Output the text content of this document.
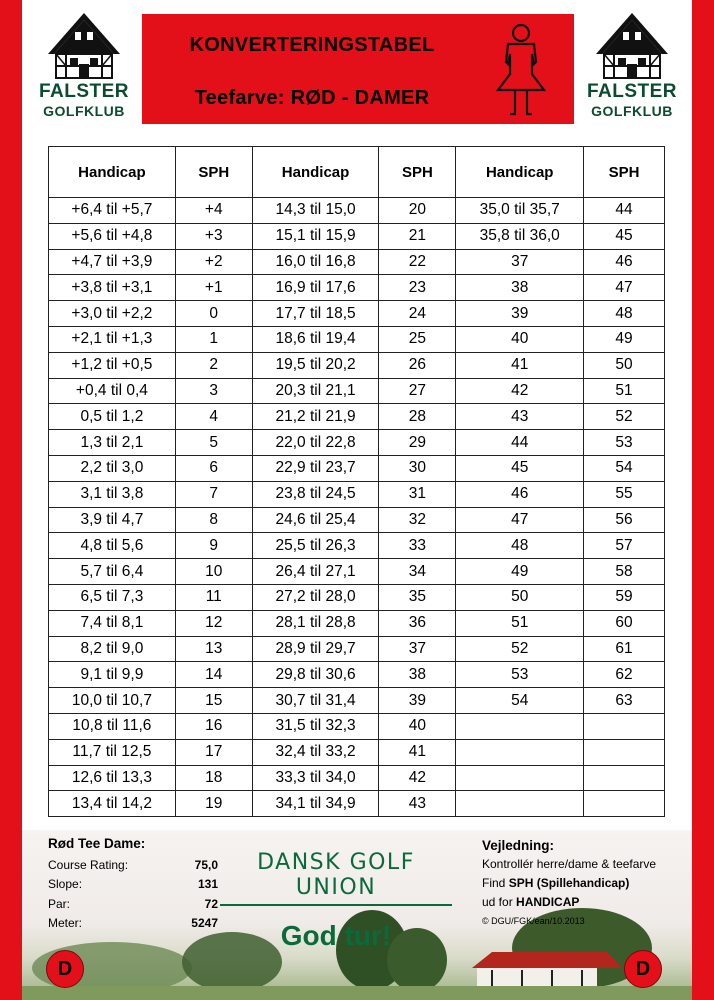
FALSTER
GOLFKLUB
KONVERTERINGSTABEL
Teefarve: RØD - DAMER	FALSTER
GOLFKLUB
Handicap	SPH	Handicap	SPH	Handicap	SPH
+6,4 til +5,7	+4	14,3 til 15,0	20	35,0 til 35,7	44
+5,6 til +4,8	+3	15,1 til 15,9	21	35,8 til 36,0	45
+4,7 til +3,9	+2	16,0 til 16,8	22	37	46
+3,8 til +3,1	+1	16,9 til 17,6	23	38	47
+3,0 til +2,2	0	17,7 til 18,5	24	39	48
+2,1 til +1,3	1	18,6 til 19,4	25	40	49
+1,2 til +0,5	2	19,5 til 20,2	26	41	50
+0,4 til 0,4	3	20,3 til 21,1	27	42	51
0,5 til 1,2	4	21,2 til 21,9	28	43	52
1,3 til 2,1	5	22,0 til 22,8	29	44	53
2,2 til 3,0	6	22,9 til 23,7	30	45	54
3,1 til 3,8	7	23,8 til 24,5	31	46	55
3,9 til 4,7	8	24,6 til 25,4	32	47	56
4,8 til 5,6	9	25,5 til 26,3	33	48	57
5,7 til 6,4	10	26,4 til 27,1	34	49	58
6,5 til 7,3	11	27,2 til 28,0	35	50	59
7,4 til 8,1	12	28,1 til 28,8	36	51	60
8,2 til 9,0	13	28,9 til 29,7	37	52	61
9,1 til 9,9	14	29,8 til 30,6	38	53	62
10,0 til 10,7	15	30,7 til 31,4	39	54	63
10,8 til 11,6	16	31,5 til 32,3	40		
11,7 til 12,5	17	32,4 til 33,2	41		
12,6 til 13,3	18	33,3 til 34,0	42		
13,4 til 14,2	19	34,1 til 34,9	43		
Rød Tee Dame:
Course Rating:	75,0
Slope:	131
Par:	72
Meter:	5247
DANSK GOLF UNION
God tur!
Vejledning:
Kontrollér herre/dame & teefarve
Find SPH (Spillehandicap)
ud for HANDICAP
© DGU/FGK/ean/10.2013
D	D
